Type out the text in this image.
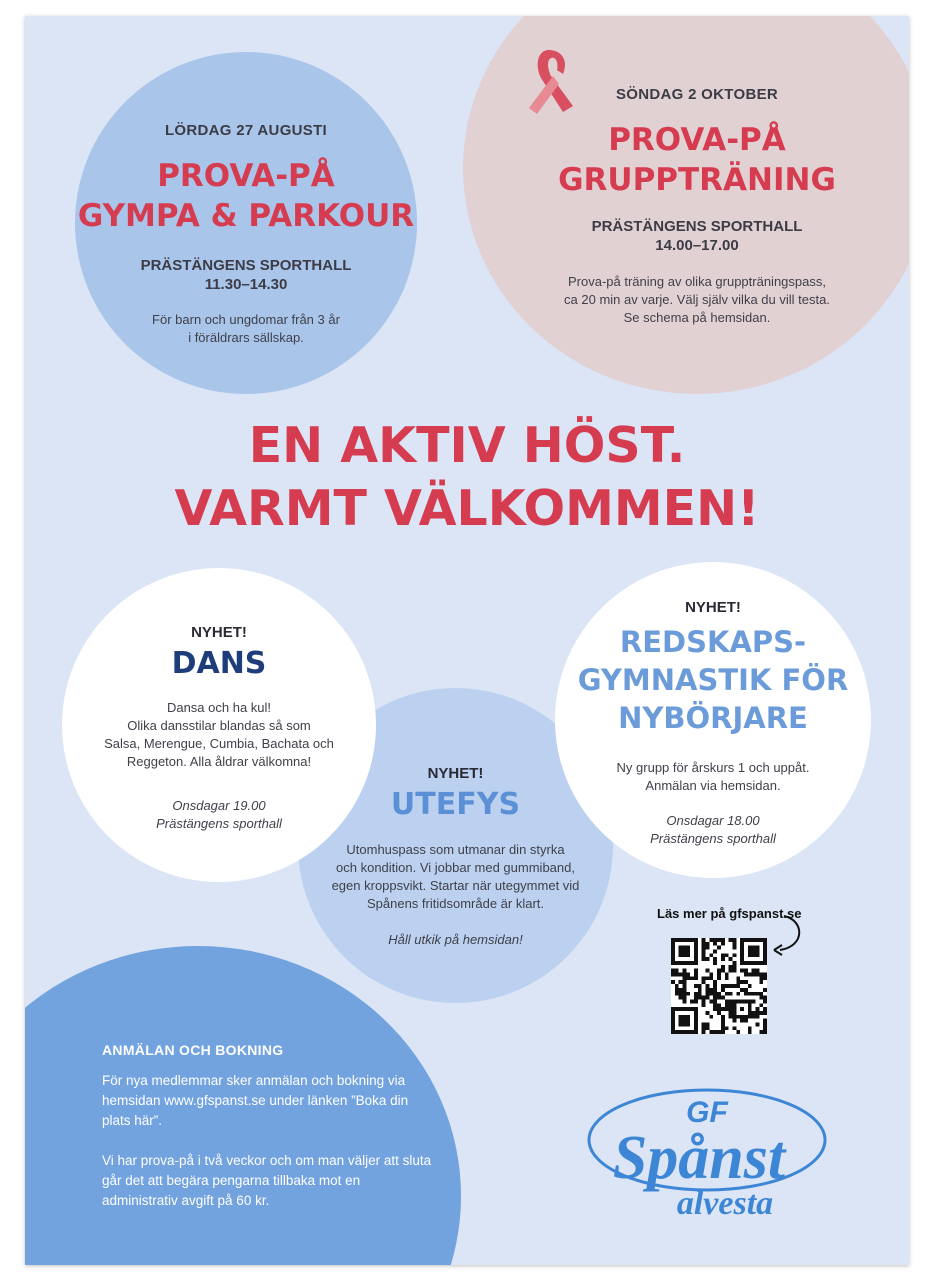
LÖRDAG 27 AUGUSTI
PROVA-PÅ
GYMPA & PARKOUR
PRÄSTÄNGENS SPORTHALL
11.30–14.30
För barn och ungdomar från 3 år
i föräldrars sällskap.
SÖNDAG 2 OKTOBER
PROVA-PÅ
GRUPPTRÄNING
PRÄSTÄNGENS SPORTHALL
14.00–17.00
Prova-på träning av olika gruppträningspass,
ca 20 min av varje. Välj själv vilka du vill testa.
Se schema på hemsidan.
EN AKTIV HÖST.
VARMT VÄLKOMMEN!
NYHET!
UTEFYS
Utomhuspass som utmanar din styrka
och kondition. Vi jobbar med gummiband,
egen kroppsvikt. Startar när utegymmet vid
Spånens fritidsområde är klart.
Håll utkik på hemsidan!
NYHET!
DANS
Dansa och ha kul!
Olika dansstilar blandas så som
Salsa, Merengue, Cumbia, Bachata och
Reggeton. Alla åldrar välkomna!
Onsdagar 19.00
Prästängens sporthall
NYHET!
REDSKAPS-
GYMNASTIK FÖR
NYBÖRJARE
Ny grupp för årskurs 1 och uppåt.
Anmälan via hemsidan.
Onsdagar 18.00
Prästängens sporthall
ANMÄLAN OCH BOKNING

För nya medlemmar sker anmälan och bokning via hemsidan www.gfspanst.se under länken ”Boka din plats här”.

Vi har prova-på i två veckor och om man väljer att sluta går det att begära pengarna tillbaka mot en administrativ avgift på 60 kr.

Läs mer på gfspanst.se
GF
Spånst
alvesta
